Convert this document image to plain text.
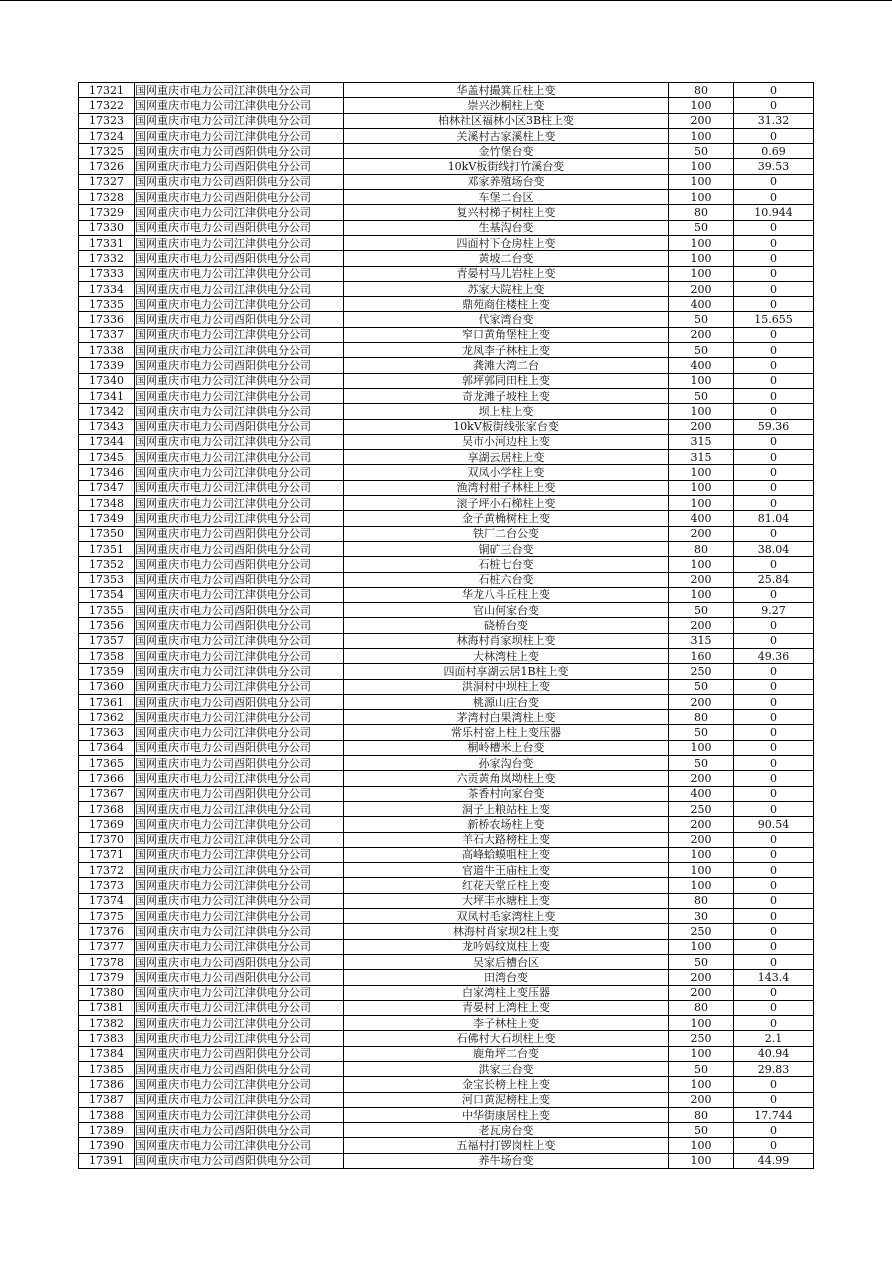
17321	国网重庆市电力公司江津供电分公司	华盖村撮箕丘柱上变	80	0
17322	国网重庆市电力公司江津供电分公司	崇兴沙桐柱上变	100	0
17323	国网重庆市电力公司江津供电分公司	柏林社区福林小区3B柱上变	200	31.32
17324	国网重庆市电力公司江津供电分公司	关溪村古家溪柱上变	100	0
17325	国网重庆市电力公司酉阳供电分公司	金竹堡台变	50	0.69
17326	国网重庆市电力公司酉阳供电分公司	10kV板街线打竹溪台变	100	39.53
17327	国网重庆市电力公司酉阳供电分公司	邓家养殖场台变	100	0
17328	国网重庆市电力公司酉阳供电分公司	车堡二台区	100	0
17329	国网重庆市电力公司江津供电分公司	复兴村梯子树柱上变	80	10.944
17330	国网重庆市电力公司酉阳供电分公司	生基沟台变	50	0
17331	国网重庆市电力公司江津供电分公司	四面村下仓房柱上变	100	0
17332	国网重庆市电力公司酉阳供电分公司	黄坡二台变	100	0
17333	国网重庆市电力公司江津供电分公司	青晏村马儿岩柱上变	100	0
17334	国网重庆市电力公司江津供电分公司	苏家大院柱上变	200	0
17335	国网重庆市电力公司江津供电分公司	鼎苑商住楼柱上变	400	0
17336	国网重庆市电力公司酉阳供电分公司	代家湾台变	50	15.655
17337	国网重庆市电力公司江津供电分公司	窄口黄角堡柱上变	200	0
17338	国网重庆市电力公司江津供电分公司	龙凤李子林柱上变	50	0
17339	国网重庆市电力公司酉阳供电分公司	龚滩大湾二台	400	0
17340	国网重庆市电力公司江津供电分公司	郭坪郭同田柱上变	100	0
17341	国网重庆市电力公司江津供电分公司	奇龙滩子坡柱上变	50	0
17342	国网重庆市电力公司江津供电分公司	坝上柱上变	100	0
17343	国网重庆市电力公司酉阳供电分公司	10kV板街线张家台变	200	59.36
17344	国网重庆市电力公司江津供电分公司	吴市小河边柱上变	315	0
17345	国网重庆市电力公司江津供电分公司	享湖云居柱上变	315	0
17346	国网重庆市电力公司江津供电分公司	双凤小学柱上变	100	0
17347	国网重庆市电力公司江津供电分公司	渔湾村柑子林柱上变	100	0
17348	国网重庆市电力公司江津供电分公司	滚子坪小石梯柱上变	100	0
17349	国网重庆市电力公司江津供电分公司	金子黄桷树柱上变	400	81.04
17350	国网重庆市电力公司酉阳供电分公司	铁厂二台公变	200	0
17351	国网重庆市电力公司酉阳供电分公司	铜矿三台变	80	38.04
17352	国网重庆市电力公司酉阳供电分公司	石桩七台变	100	0
17353	国网重庆市电力公司酉阳供电分公司	石桩六台变	200	25.84
17354	国网重庆市电力公司江津供电分公司	华龙八斗丘柱上变	100	0
17355	国网重庆市电力公司酉阳供电分公司	官山何家台变	50	9.27
17356	国网重庆市电力公司酉阳供电分公司	硗桥台变	200	0
17357	国网重庆市电力公司江津供电分公司	林海村肖家坝柱上变	315	0
17358	国网重庆市电力公司江津供电分公司	大林湾柱上变	160	49.36
17359	国网重庆市电力公司江津供电分公司	四面村享湖云居1B柱上变	250	0
17360	国网重庆市电力公司江津供电分公司	洪洞村中坝柱上变	50	0
17361	国网重庆市电力公司酉阳供电分公司	桃源山庄台变	200	0
17362	国网重庆市电力公司江津供电分公司	茅湾村白果湾柱上变	80	0
17363	国网重庆市电力公司江津供电分公司	常乐村窑上柱上变压器	50	0
17364	国网重庆市电力公司酉阳供电分公司	桐岭槽米上台变	100	0
17365	国网重庆市电力公司酉阳供电分公司	孙家沟台变	50	0
17366	国网重庆市电力公司江津供电分公司	六贡黄角岚坳柱上变	200	0
17367	国网重庆市电力公司酉阳供电分公司	茶香村向家台变	400	0
17368	国网重庆市电力公司江津供电分公司	洞子上粮站柱上变	250	0
17369	国网重庆市电力公司江津供电分公司	新桥农场柱上变	200	90.54
17370	国网重庆市电力公司江津供电分公司	羊石大路榜柱上变	200	0
17371	国网重庆市电力公司江津供电分公司	高峰蛤蟆咀柱上变	100	0
17372	国网重庆市电力公司江津供电分公司	官道牛王庙柱上变	100	0
17373	国网重庆市电力公司江津供电分公司	红花天堂丘柱上变	100	0
17374	国网重庆市电力公司江津供电分公司	大坪丰水塘柱上变	80	0
17375	国网重庆市电力公司江津供电分公司	双凤村毛家湾柱上变	30	0
17376	国网重庆市电力公司江津供电分公司	林海村肖家坝2柱上变	250	0
17377	国网重庆市电力公司江津供电分公司	龙吟妈纹岚柱上变	100	0
17378	国网重庆市电力公司酉阳供电分公司	吴家后槽台区	50	0
17379	国网重庆市电力公司酉阳供电分公司	田湾台变	200	143.4
17380	国网重庆市电力公司江津供电分公司	白家湾柱上变压器	200	0
17381	国网重庆市电力公司江津供电分公司	青晏村上湾柱上变	80	0
17382	国网重庆市电力公司江津供电分公司	李子林柱上变	100	0
17383	国网重庆市电力公司江津供电分公司	石佛村大石坝柱上变	250	2.1
17384	国网重庆市电力公司酉阳供电分公司	鹿角坪二台变	100	40.94
17385	国网重庆市电力公司酉阳供电分公司	洪家三台变	50	29.83
17386	国网重庆市电力公司江津供电分公司	金宝长榜上柱上变	100	0
17387	国网重庆市电力公司江津供电分公司	河口黄泥榜柱上变	200	0
17388	国网重庆市电力公司江津供电分公司	中华街康居柱上变	80	17.744
17389	国网重庆市电力公司酉阳供电分公司	老瓦房台变	50	0
17390	国网重庆市电力公司江津供电分公司	五福村打锣岗柱上变	100	0
17391	国网重庆市电力公司酉阳供电分公司	养牛场台变	100	44.99
